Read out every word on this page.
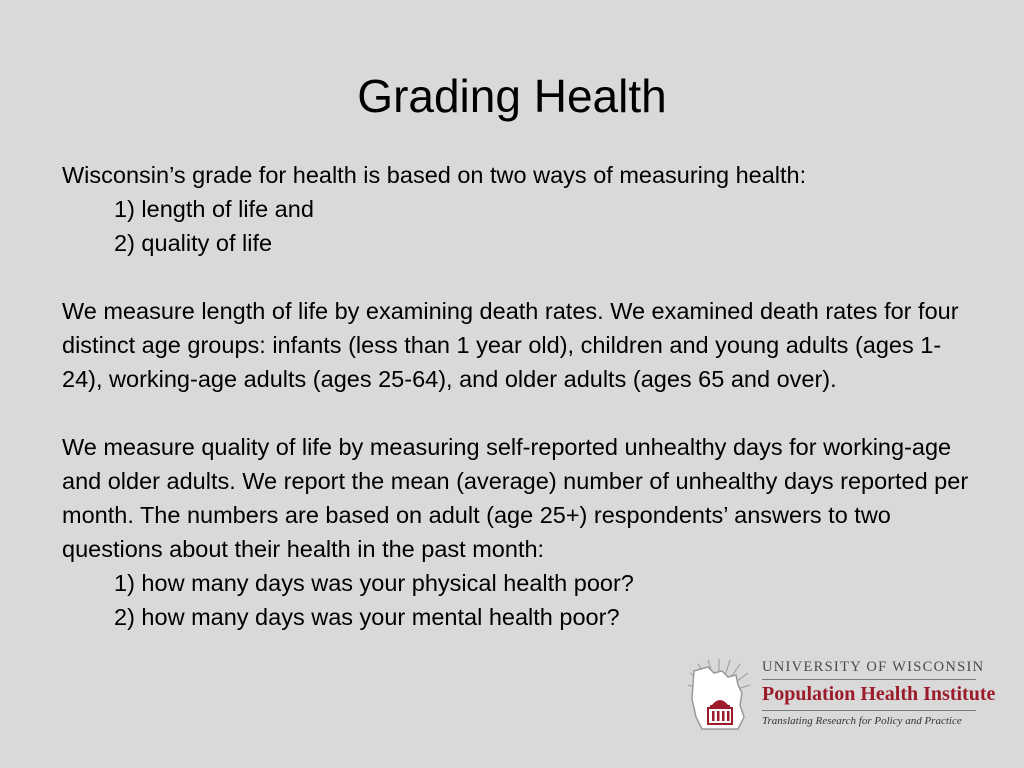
Grading Health

Wisconsin’s grade for health is based on two ways of measuring health:

1) length of life and

2) quality of life

We measure length of life by examining death rates. We examined death rates for four distinct age groups: infants (less than 1 year old), children and young adults (ages 1-24), working-age adults (ages 25-64), and older adults (ages 65 and over).

We measure quality of life by measuring self-reported unhealthy days for working-age and older adults. We report the mean (average) number of unhealthy days reported per month. The numbers are based on adult (age 25+) respondents’ answers to two questions about their health in the past month:

1) how many days was your physical health poor?

2) how many days was your mental health poor?

UNIVERSITY OF WISCONSIN
Population Health Institute
Translating Research for Policy and Practice
